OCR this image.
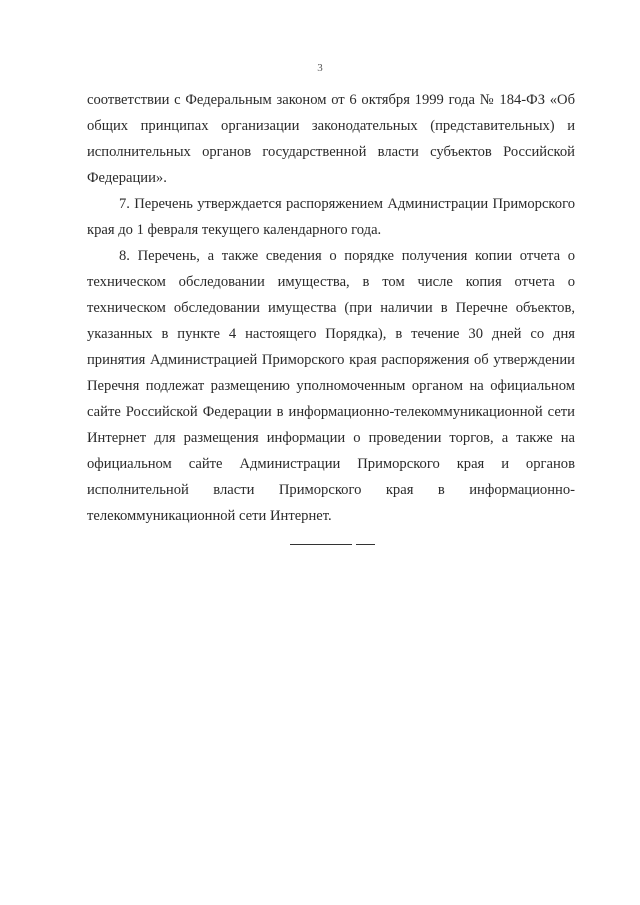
3

соответствии с Федеральным законом от 6 октября 1999 года № 184-ФЗ «Об общих принципах организации законодательных (представительных) и исполнительных органов государственной власти субъектов Российской Федерации».

7. Перечень утверждается распоряжением Администрации Приморского края до 1 февраля текущего календарного года.

8. Перечень, а также сведения о порядке получения копии отчета о техническом обследовании имущества, в том числе копия отчета о техническом обследовании имущества (при наличии в Перечне объектов, указанных в пункте 4 настоящего Порядка), в течение 30 дней со дня принятия Администрацией Приморского края распоряжения об утверждении Перечня подлежат размещению уполномоченным органом на официальном сайте Российской Федерации в информационно-телекоммуникационной сети Интернет для размещения информации о проведении торгов, а также на официальном сайте Администрации Приморского края и органов исполнительной власти Приморского края в информационно-телекоммуникационной сети Интернет.
